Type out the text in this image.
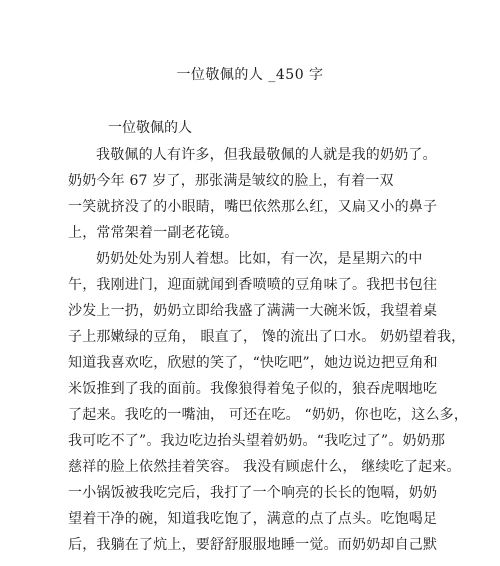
一位敬佩的人 _450 字
一位敬佩的人
我敬佩的人有许多，但我最敬佩的人就是我的奶奶了。
奶奶今年 67 岁了，那张满是皱纹的脸上，有着一双
一笑就挤没了的小眼睛，嘴巴依然那么红，又扁又小的鼻子
上，常常架着一副老花镜。
奶奶处处为别人着想。比如，有一次，是星期六的中
午，我刚进门，迎面就闻到香喷喷的豆角味了。我把书包往
沙发上一扔，奶奶立即给我盛了满满一大碗米饭，我望着桌
子上那嫩绿的豆角， 眼直了， 馋的流出了口水。 奶奶望着我，
知道我喜欢吃，欣慰的笑了，“快吃吧”，她边说边把豆角和
米饭推到了我的面前。我像狼得着兔子似的，狼吞虎咽地吃
了起来。我吃的一嘴油， 可还在吃。 “奶奶，你也吃，这么多，
我可吃不了”。我边吃边抬头望着奶奶。“我吃过了”。奶奶那
慈祥的脸上依然挂着笑容。 我没有顾虑什么， 继续吃了起来。
一小锅饭被我吃完后，我打了一个响亮的长长的饱嗝，奶奶
望着干净的碗，知道我吃饱了，满意的点了点头。吃饱喝足
后，我躺在了炕上，要舒舒服服地睡一觉。而奶奶却自己默
